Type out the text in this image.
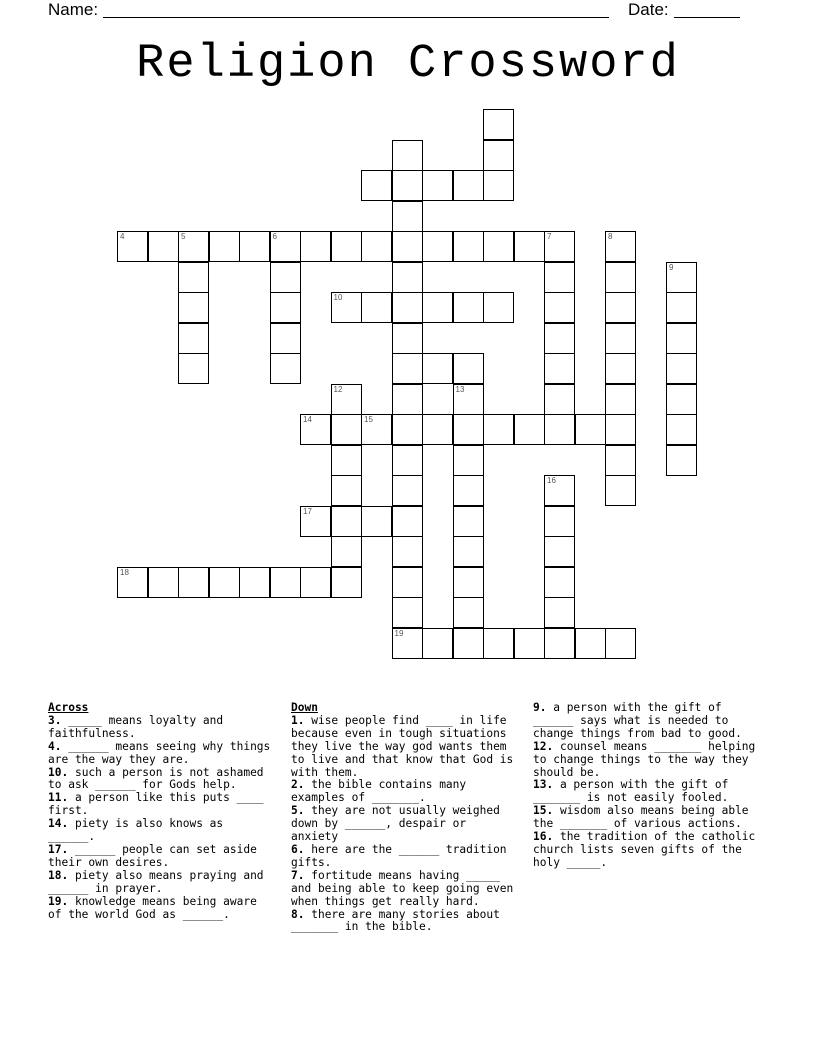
Name:	Date:
Religion Crossword
4	5	6
10
14	15
17
18
7	8
9
12	13
19
16
Across
3. _____ means loyalty and faithfulness.
4. ______ means seeing why things are the way they are.
10. such a person is not ashamed to ask ______ for Gods help.
11. a person like this puts ____ first.
14. piety is also knows as ______.
17. ______ people can set aside their own desires.
18. piety also means praying and ______ in prayer.
19. knowledge means being aware of the world God as ______.
Down
1. wise people find ____ in life because even in tough situations they live the way god wants them to live and that know that God is with them.
2. the bible contains many examples of _______.
5. they are not usually weighed down by ______, despair or anxiety
6. here are the ______ tradition gifts.
7. fortitude means having _____ and being able to keep going even when things get really hard.
8. there are many stories about _______ in the bible.
9. a person with the gift of ______ says what is needed to change things from bad to good.
12. counsel means _______ helping to change things to the way they should be.
13. a person with the gift of _______ is not easily fooled.
15. wisdom also means being able the _______ of various actions.
16. the tradition of the catholic church lists seven gifts of the holy _____.
